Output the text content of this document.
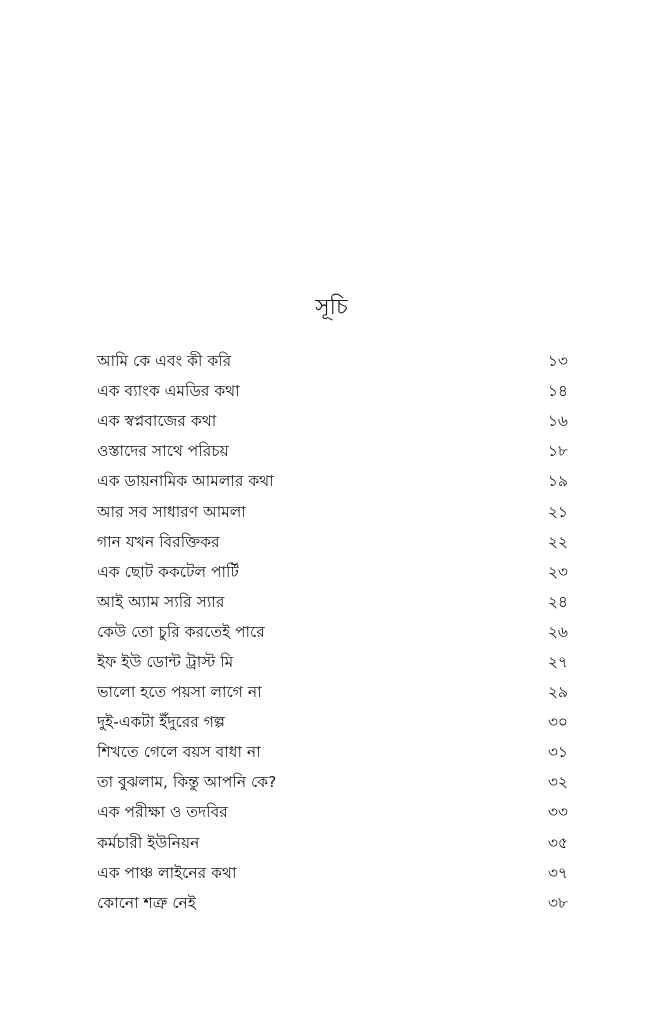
সূচি
আমি কে এবং কী করি	১৩
এক ব্যাংক এমডির কথা	১৪
এক স্বপ্নবাজের কথা	১৬
ওস্তাদের সাথে পরিচয়	১৮
এক ডায়নামিক আমলার কথা	১৯
আর সব সাধারণ আমলা	২১
গান যখন বিরক্তিকর	২২
এক ছোট ককটেল পার্টি	২৩
আই অ্যাম স্যরি স্যার	২৪
কেউ তো চুরি করতেই পারে	২৬
ইফ ইউ ডোন্ট ট্রাস্ট মি	২৭
ভালো হতে পয়সা লাগে না	২৯
দুই-একটা ইঁদুরের গল্প	৩০
শিখতে গেলে বয়স বাধা না	৩১
তা বুঝলাম, কিন্তু আপনি কে?	৩২
এক পরীক্ষা ও তদবির	৩৩
কর্মচারী ইউনিয়ন	৩৫
এক পাঞ্চ লাইনের কথা	৩৭
কোনো শত্রু নেই	৩৮
